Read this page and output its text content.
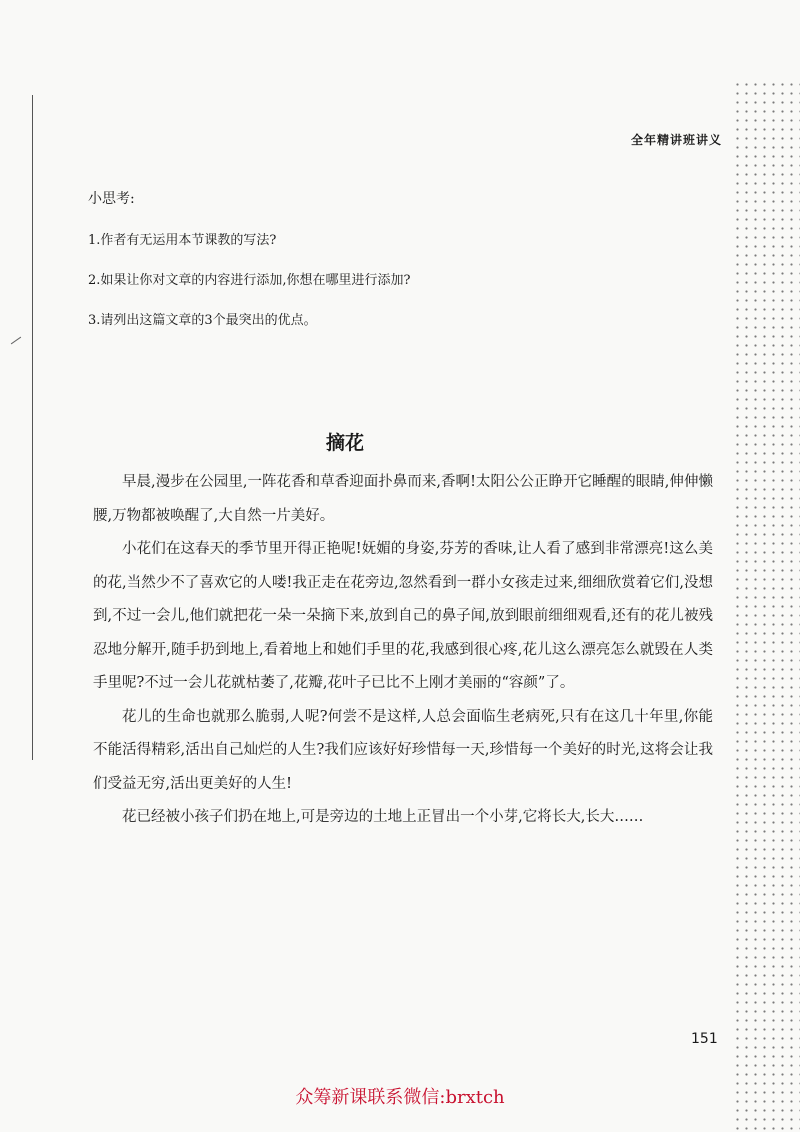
全年精讲班讲义
小思考:
1.作者有无运用本节课教的写法?
2.如果让你对文章的内容进行添加,你想在哪里进行添加?
3.请列出这篇文章的3个最突出的优点。
摘花

早晨,漫步在公园里,一阵花香和草香迎面扑鼻而来,香啊!太阳公公正睁开它睡醒的眼睛,伸伸懒腰,万物都被唤醒了,大自然一片美好。

小花们在这春天的季节里开得正艳呢!妩媚的身姿,芬芳的香味,让人看了感到非常漂亮!这么美的花,当然少不了喜欢它的人喽!我正走在花旁边,忽然看到一群小女孩走过来,细细欣赏着它们,没想到,不过一会儿,他们就把花一朵一朵摘下来,放到自己的鼻子闻,放到眼前细细观看,还有的花儿被残忍地分解开,随手扔到地上,看着地上和她们手里的花,我感到很心疼,花儿这么漂亮怎么就毁在人类手里呢?不过一会儿花就枯萎了,花瓣,花叶子已比不上刚才美丽的“容颜”了。

花儿的生命也就那么脆弱,人呢?何尝不是这样,人总会面临生老病死,只有在这几十年里,你能不能活得精彩,活出自己灿烂的人生?我们应该好好珍惜每一天,珍惜每一个美好的时光,这将会让我们受益无穷,活出更美好的人生!

花已经被小孩子们扔在地上,可是旁边的土地上正冒出一个小芽,它将长大,长大……

151
众筹新课联系微信:brxtch
